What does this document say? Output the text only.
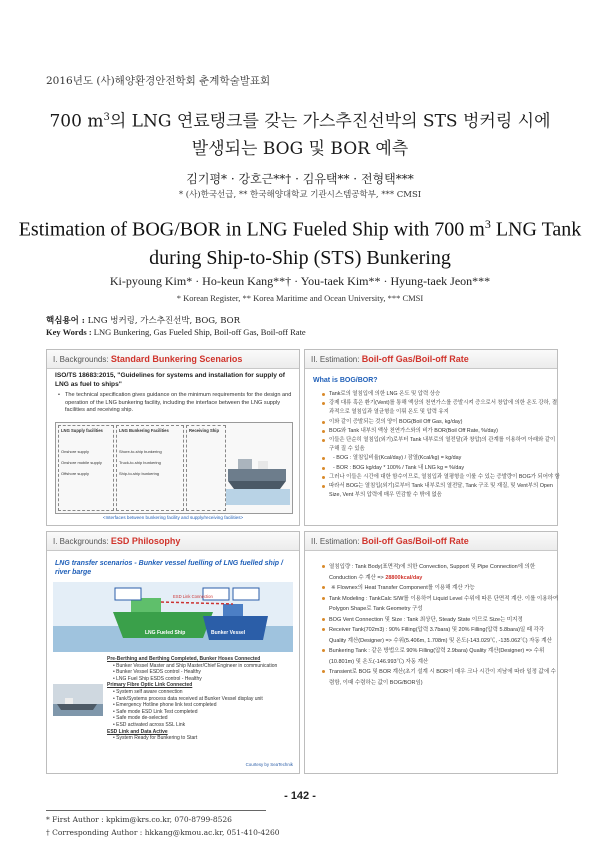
2016년도 (사)해양환경안전학회 춘계학술발표회
700 $m^3$의 LNG 연료탱크를 갖는 가스추진선박의 STS 벙커링 시에
발생되는 BOG 및 BOR 예측
김기평* · 강호근**† · 김유택** · 전형택***
* (사)한국선급, ** 한국해양대학교 기관시스템공학부, *** CMSI
Estimation of BOG/BOR in LNG Fueled Ship with 700 $m^3$ LNG Tank
during Ship-to-Ship (STS) Bunkering
Ki-pyoung Kim* · Ho-keun Kang**† · You-taek Kim** · Hyung-taek Jeon***
* Korean Register, ** Korea Maritime and Ocean University, *** CMSI
핵심용어 : LNG 벙커링, 가스추진선박, BOG, BOR
Key Words : LNG Bunkering, Gas Fueled Ship, Boil-off Gas, Boil-off Rate
I. Backgrounds: Standard Bunkering Scenarios
ISO/TS 18683:2015, "Guidelines for systems and installation for supply of LNG as fuel to ships"
• The technical specification gives guidance on the minimum requirements for the design and operation of the LNG bunkering facility, including the interface between the LNG supply facilities and receiving ship.
LNG Supply facilities
Onshore supply
Onshore mobile supply
Offshore supply
LNG Bunkering Facilities
Shore-to-ship bunkering
Truck-to-ship bunkering
Ship-to-ship bunkering
Receiving Ship
<Interfaces between bunkering facility and supply/receiving facilities>
II. Estimation: Boil-off Gas/Boil-off Rate
What is BOG/BOR?
Tank로의 열침입에 의한 LNG 온도 및 압력 상승
강제 대류 혹은 환기(Vent)를 통해 액상의 천연가스를 증발시켜 증으로서 창압에 의한 온도 강하, 결과적으로 열침입과 열균형을 이뤄 온도 및 압력 유지
이와 같이 증발되는 것의 양이 BOG(Boil Off Gas, kg/day)
BOG와 Tank 내부의 액상 천연가스와의 비가 BOR(Boil Off Rate, %/day)
이들은 단순히 열침입(외기)로부터 Tank 내부로의 열전달(과 창압)의 관계를 이용하여 아래와 같이 구해 질 수 있음
- BOG : 열침입비율(Kcal/day) / 잠열(Kcal/kg) = kg/day
- BOR : BOG kg/day * 100% / Tank 내 LNG kg = %/day
그러나 이들은 시간에 대한 함수이므로, 열침입과 열평형을 이룰 수 있는 증발량이 BOG가 되어야 함
따라서 BOG는 열침입(외기)로부터 Tank 내부로의 열전달, Tank 구조 및 재질, 및 Vent부의 Open Size, Vent 부의 압력에 매우 민감할 수 밖에 없음
I. Backgrounds: ESD Philosophy
LNG transfer scenarios - Bunker vessel fuelling of LNG fuelled ship / river barge
LNG Fueled Ship	Bunker Vessel
ESD Link Connection
Pre-Berthing and Berthing Completed, Bunker Hoses Connected
• Bunker Vessel Master and Ship Master/Chief Engineer in communication
• Bunker Vessel ESDS control - Healthy
• LNG Fuel Ship ESDS control - Healthy
Primary Fibre Optic Link Connected
• System self aware connection
• Tank/Systems process data received at Bunker Vessel display unit
• Emergency Hotline phone link test completed
• Safe mode ESD Link Test completed
• Safe mode de-selected
• ESD activated across SSL Link
ESD Link and Data Active
• System Ready for Bunkering to Start
Courtesy by SeaTechnik
II. Estimation: Boil-off Gas/Boil-off Rate
열침입량 : Tank Body(표면적)에 의한 Convection, Support 및 Pipe Connection에 의한 Conduction 수 계산 => 28800kcal/day
※ Flownex의 Heat Transfer Component를 이용해 계산 가능
Tank Modeling : TankCalc S/W를 이용하여 Liquid Level 수위에 따른 단면적 계산. 이를 이용하여 Polygon Shape로 Tank Geometry 구성
BOG Vent Connection 및 Size : Tank 최상단, Steady State 이므로 Size는 미지정
Receiver Tank(702m3) : 90% Filling(압력 3.7bara) 및 20% Filling(압력 5.8bara)일 때 각각 Quality 계산(Designer) => 수위(5.406m, 1.708m) 및 온도(-143.029℃, -135.062℃) 자동 계산
Bunkering Tank : 같은 방법으로 90% Filling(압력 2.9bara) Quality 계산(Designer) => 수위(10.801m) 및 온도(-146.993℃) 자동 계산
Transient로 BOG 및 BOR 계산(초기 설계 시 BOR이 매우 크나 시간이 지남에 따라 일정 값에 수렴함, 이때 수렴하는 값이 BOG/BOR임)
* First Author : kpkim@krs.co.kr, 070-8799-8526
† Corresponding Author : hkkang@kmou.ac.kr, 051-410-4260
- 142 -
